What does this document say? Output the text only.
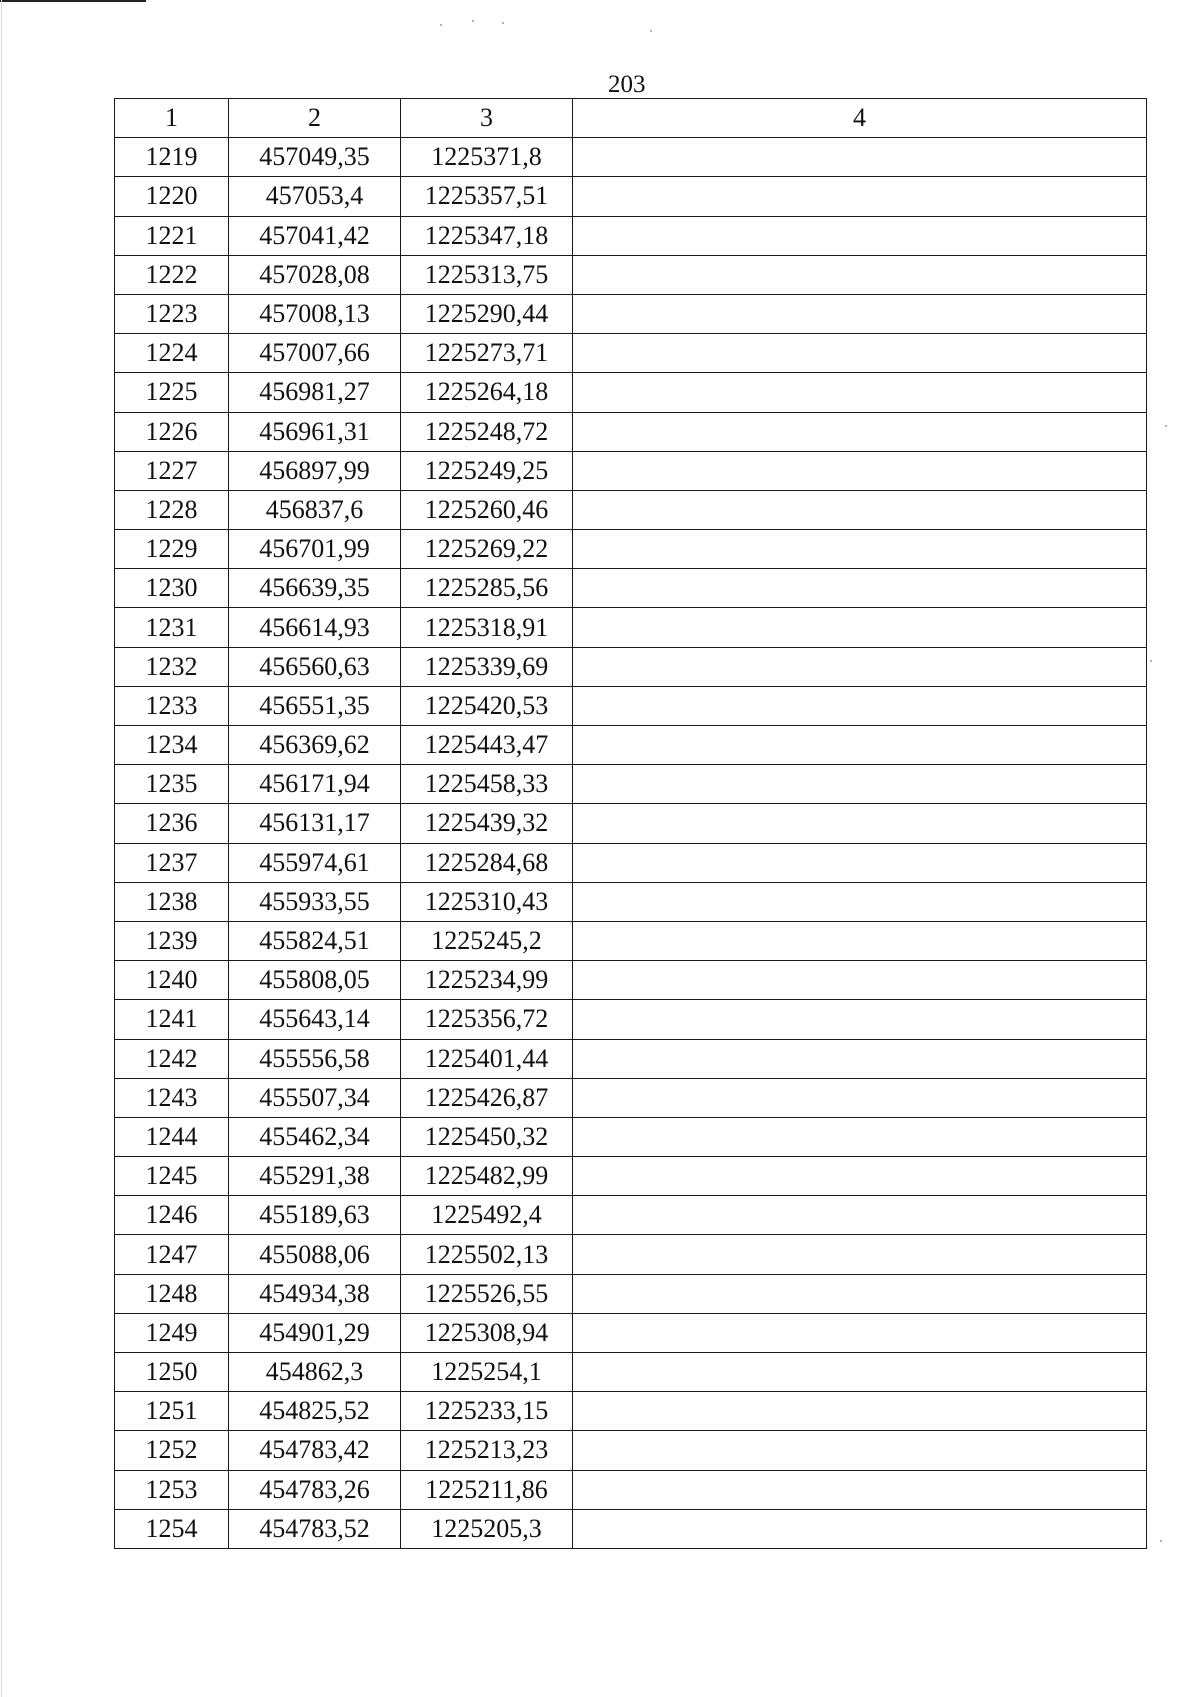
203
1	2	3	4
1219	457049,35	1225371,8	
1220	457053,4	1225357,51	
1221	457041,42	1225347,18	
1222	457028,08	1225313,75	
1223	457008,13	1225290,44	
1224	457007,66	1225273,71	
1225	456981,27	1225264,18	
1226	456961,31	1225248,72	
1227	456897,99	1225249,25	
1228	456837,6	1225260,46	
1229	456701,99	1225269,22	
1230	456639,35	1225285,56	
1231	456614,93	1225318,91	
1232	456560,63	1225339,69	
1233	456551,35	1225420,53	
1234	456369,62	1225443,47	
1235	456171,94	1225458,33	
1236	456131,17	1225439,32	
1237	455974,61	1225284,68	
1238	455933,55	1225310,43	
1239	455824,51	1225245,2	
1240	455808,05	1225234,99	
1241	455643,14	1225356,72	
1242	455556,58	1225401,44	
1243	455507,34	1225426,87	
1244	455462,34	1225450,32	
1245	455291,38	1225482,99	
1246	455189,63	1225492,4	
1247	455088,06	1225502,13	
1248	454934,38	1225526,55	
1249	454901,29	1225308,94	
1250	454862,3	1225254,1	
1251	454825,52	1225233,15	
1252	454783,42	1225213,23	
1253	454783,26	1225211,86	
1254	454783,52	1225205,3	
